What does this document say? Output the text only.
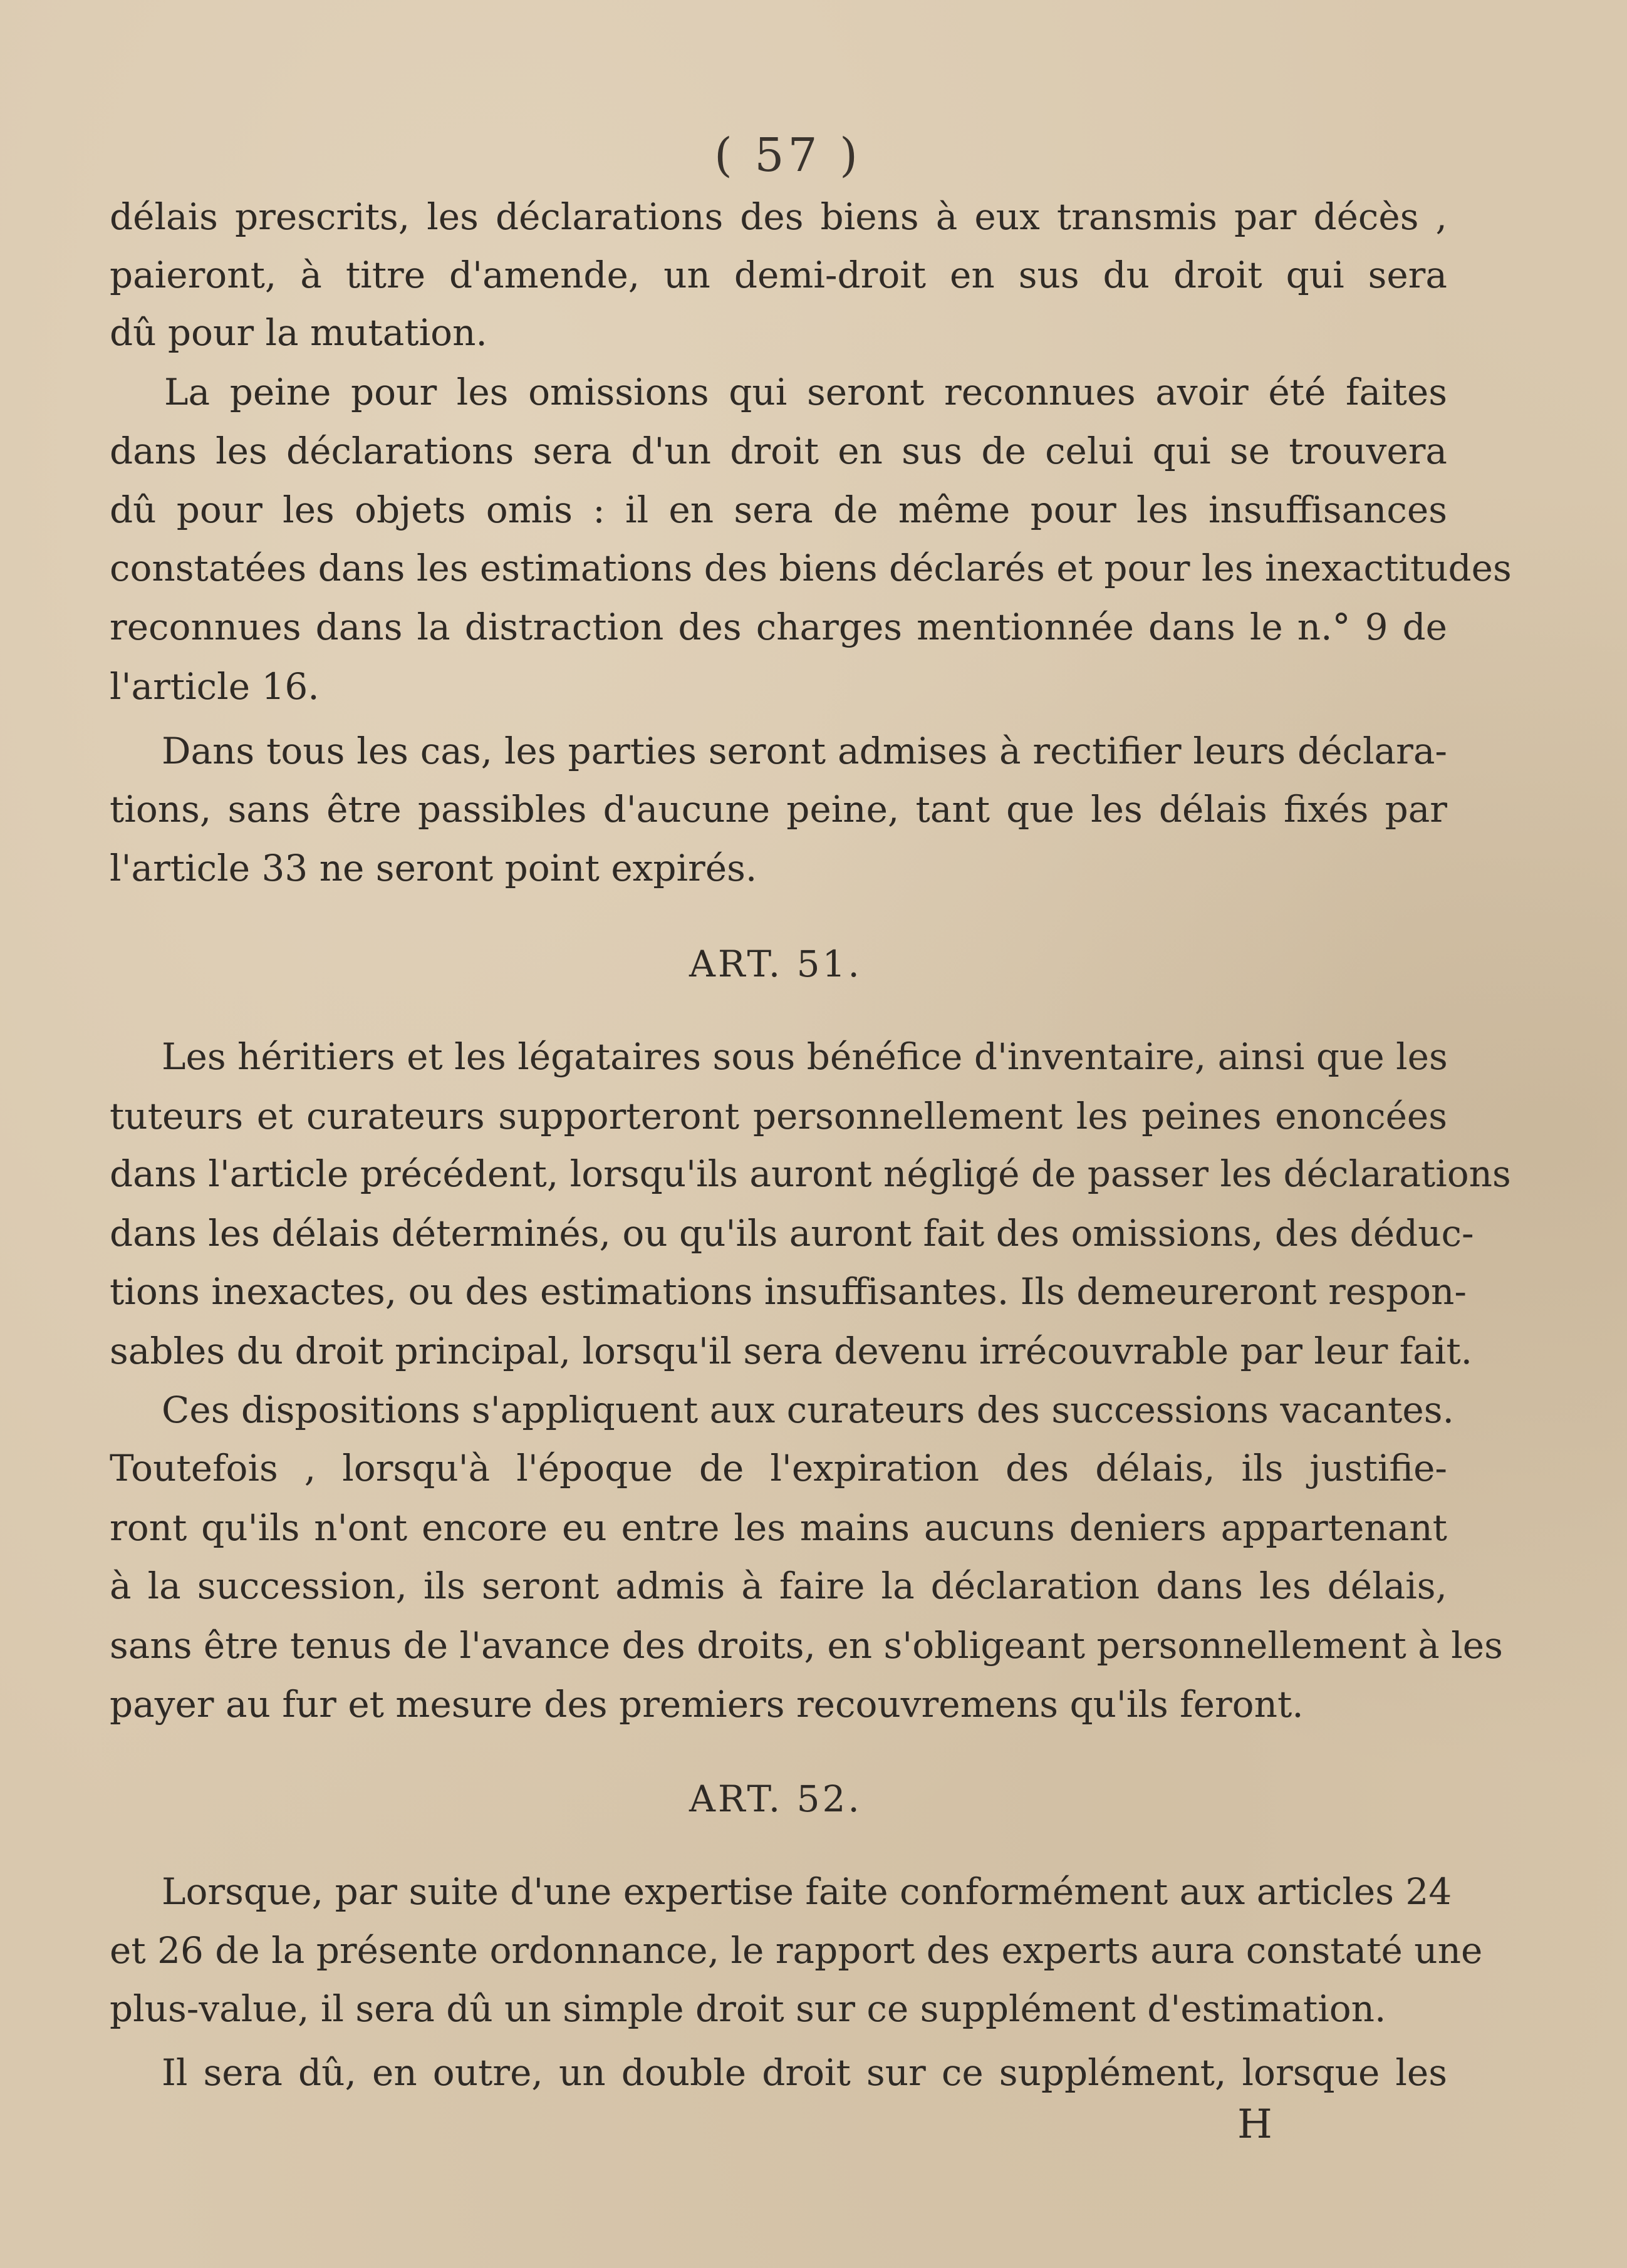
( 57 )
délais prescrits, les déclarations des biens à eux transmis par décès ,
paieront, à titre d'amende, un demi-droit en sus du droit qui sera
dû pour la mutation.
La peine pour les omissions qui seront reconnues avoir été faites
dans les déclarations sera d'un droit en sus de celui qui se trouvera
dû pour les objets omis : il en sera de même pour les insuffisances
constatées dans les estimations des biens déclarés et pour les inexactitudes
reconnues dans la distraction des charges mentionnée dans le n.° 9 de
l'article 16.
Dans tous les cas, les parties seront admises à rectifier leurs déclara-
tions, sans être passibles d'aucune peine, tant que les délais fixés par
l'article 33 ne seront point expirés.
ART. 51.
Les héritiers et les légataires sous bénéfice d'inventaire, ainsi que les
tuteurs et curateurs supporteront personnellement les peines enoncées
dans l'article précédent, lorsqu'ils auront négligé de passer les déclarations
dans les délais déterminés, ou qu'ils auront fait des omissions, des déduc-
tions inexactes, ou des estimations insuffisantes. Ils demeureront respon-
sables du droit principal, lorsqu'il sera devenu irrécouvrable par leur fait.
Ces dispositions s'appliquent aux curateurs des successions vacantes.
Toutefois , lorsqu'à l'époque de l'expiration des délais, ils justifie-
ront qu'ils n'ont encore eu entre les mains aucuns deniers appartenant
à la succession, ils seront admis à faire la déclaration dans les délais,
sans être tenus de l'avance des droits, en s'obligeant personnellement à les
payer au fur et mesure des premiers recouvremens qu'ils feront.
ART. 52.
Lorsque, par suite d'une expertise faite conformément aux articles 24
et 26 de la présente ordonnance, le rapport des experts aura constaté une
plus-value, il sera dû un simple droit sur ce supplément d'estimation.
Il sera dû, en outre, un double droit sur ce supplément, lorsque les
H
